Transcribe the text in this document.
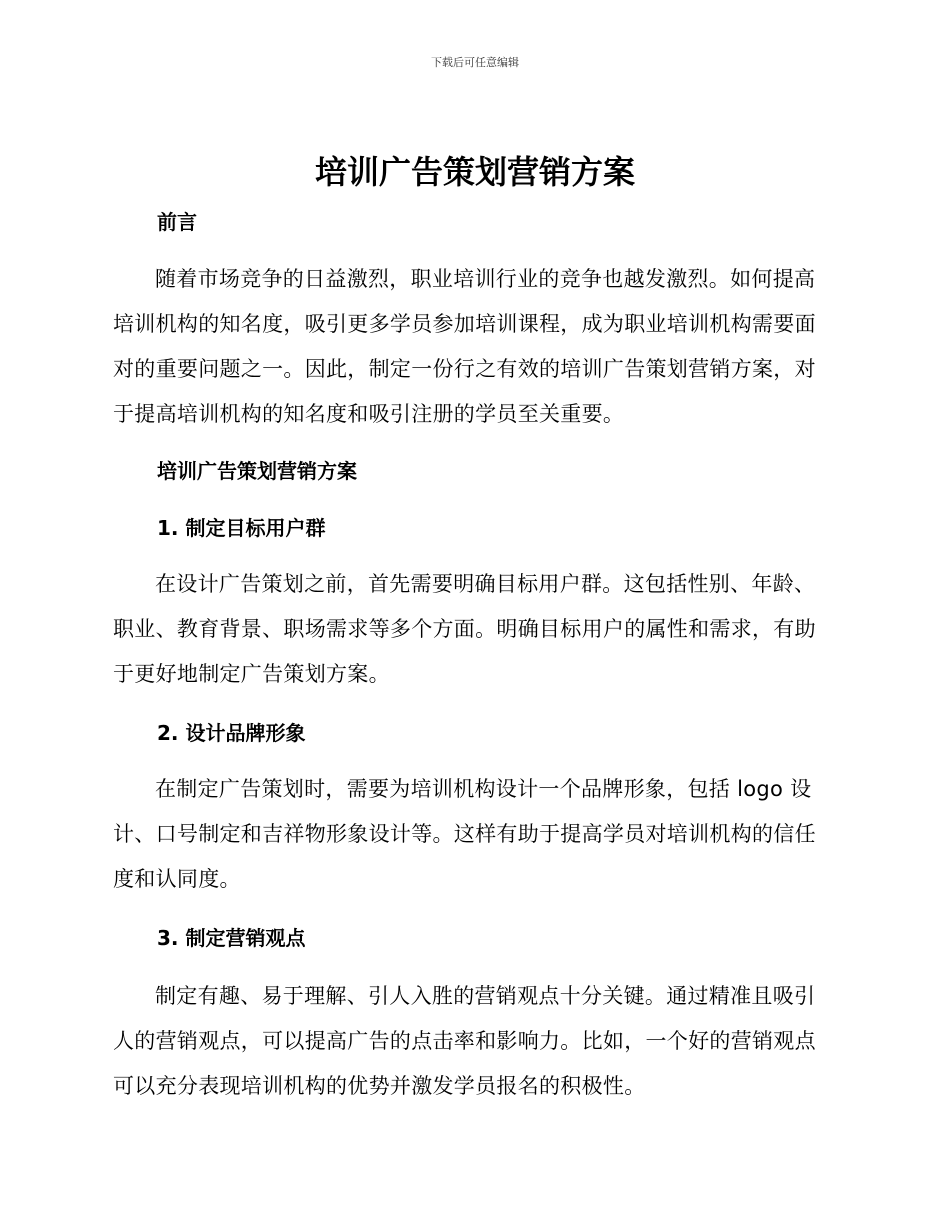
下载后可任意编辑
培训广告策划营销方案
前言

随着市场竞争的日益激烈，职业培训行业的竞争也越发激烈。如何提高培训机构的知名度，吸引更多学员参加培训课程，成为职业培训机构需要面对的重要问题之一。因此，制定一份行之有效的培训广告策划营销方案，对于提高培训机构的知名度和吸引注册的学员至关重要。

培训广告策划营销方案
1. 制定目标用户群

在设计广告策划之前，首先需要明确目标用户群。这包括性别、年龄、职业、教育背景、职场需求等多个方面。明确目标用户的属性和需求，有助于更好地制定广告策划方案。

2. 设计品牌形象

在制定广告策划时，需要为培训机构设计一个品牌形象，包括 logo 设计、口号制定和吉祥物形象设计等。这样有助于提高学员对培训机构的信任度和认同度。

3. 制定营销观点

制定有趣、易于理解、引人入胜的营销观点十分关键。通过精准且吸引人的营销观点，可以提高广告的点击率和影响力。比如，一个好的营销观点可以充分表现培训机构的优势并激发学员报名的积极性。
